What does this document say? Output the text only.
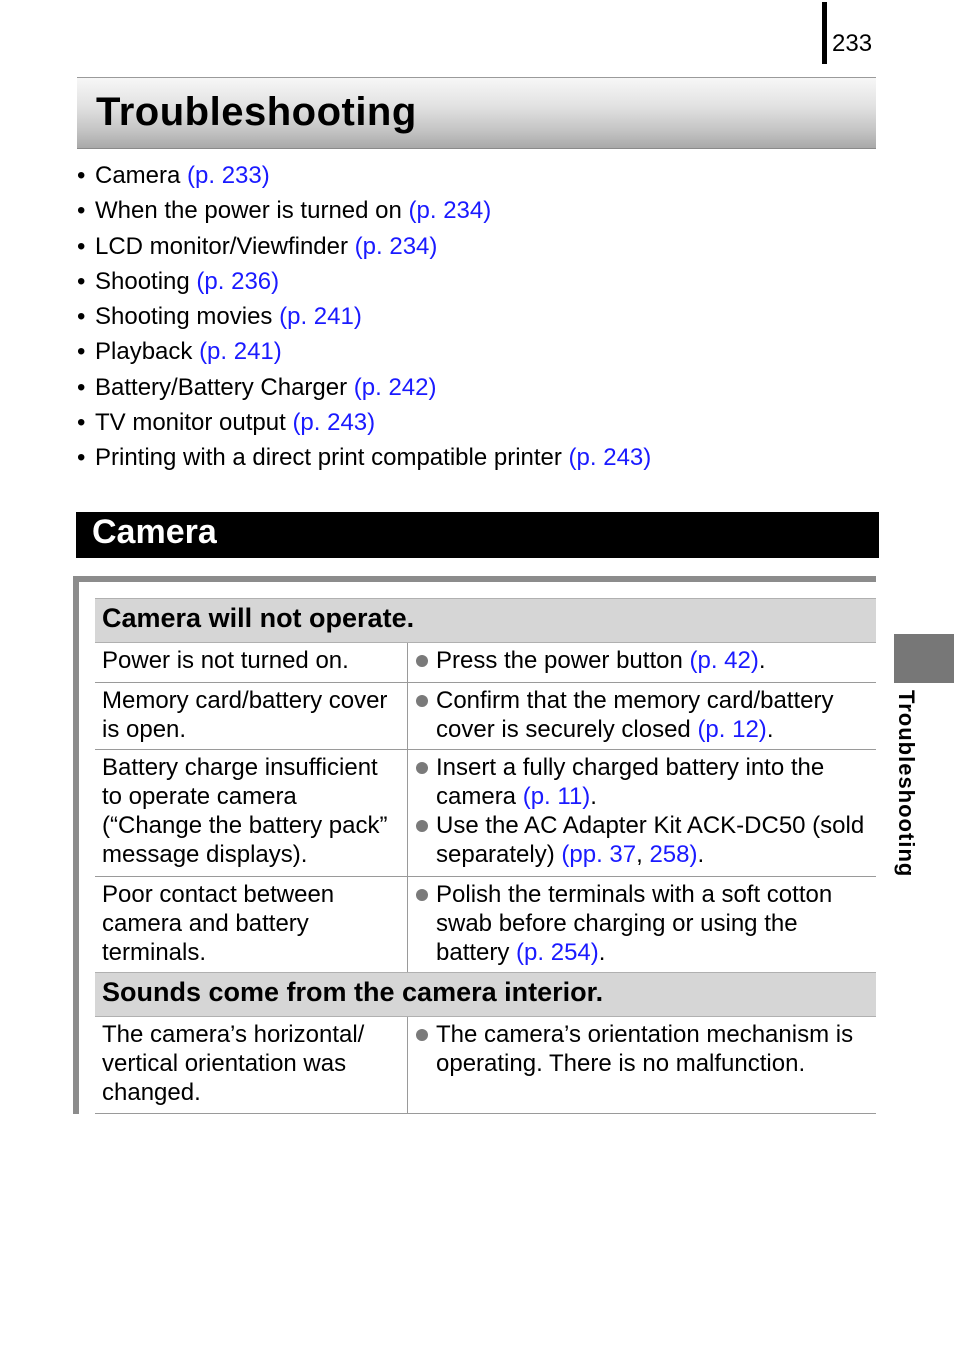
233
Troubleshooting
• Camera (p. 233)
• When the power is turned on (p. 234)
• LCD monitor/Viewfinder (p. 234)
• Shooting (p. 236)
• Shooting movies (p. 241)
• Playback (p. 241)
• Battery/Battery Charger (p. 242)
• TV monitor output (p. 243)
• Printing with a direct print compatible printer (p. 243)
Camera
Camera will not operate.
Power is not turned on.	Press the power button (p. 42).
Memory card/battery cover is open.
Confirm that the memory card/battery cover is securely closed (p. 12).
Battery charge insufficient to operate camera (“Change the battery pack” message displays).
Insert a fully charged battery into the camera (p. 11).
Use the AC Adapter Kit ACK-DC50 (sold separately) (pp. 37, 258).
Poor contact between camera and battery terminals.
Polish the terminals with a soft cotton swab before charging or using the battery (p. 254).
Sounds come from the camera interior.
The camera’s horizontal/ vertical orientation was changed.
The camera’s orientation mechanism is operating. There is no malfunction.
Troubleshooting
